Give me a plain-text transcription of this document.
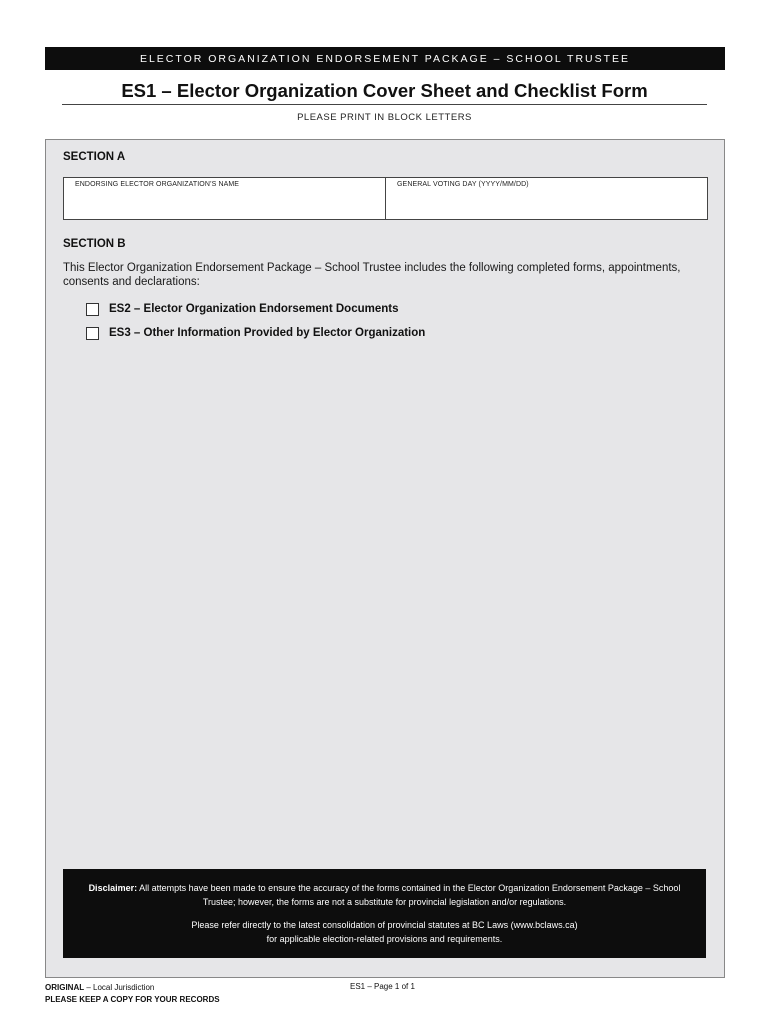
ELECTOR ORGANIZATION ENDORSEMENT PACKAGE – SCHOOL TRUSTEE
ES1 – Elector Organization Cover Sheet and Checklist Form
PLEASE PRINT IN BLOCK LETTERS
SECTION A
ENDORSING ELECTOR ORGANIZATION’S NAME	GENERAL VOTING DAY (YYYY/MM/DD)
SECTION B
This Elector Organization Endorsement Package – School Trustee includes the following completed forms, appointments, consents and declarations:
ES2 – Elector Organization Endorsement Documents
ES3 – Other Information Provided by Elector Organization
Disclaimer: All attempts have been made to ensure the accuracy of the forms contained in the Elector Organization Endorsement Package – School Trustee; however, the forms are not a substitute for provincial legislation and/or regulations.
Please refer directly to the latest consolidation of provincial statutes at BC Laws (www.bclaws.ca)
for applicable election-related provisions and requirements.
ORIGINAL – Local Jurisdiction
PLEASE KEEP A COPY FOR YOUR RECORDS
ES1 – Page 1 of 1
